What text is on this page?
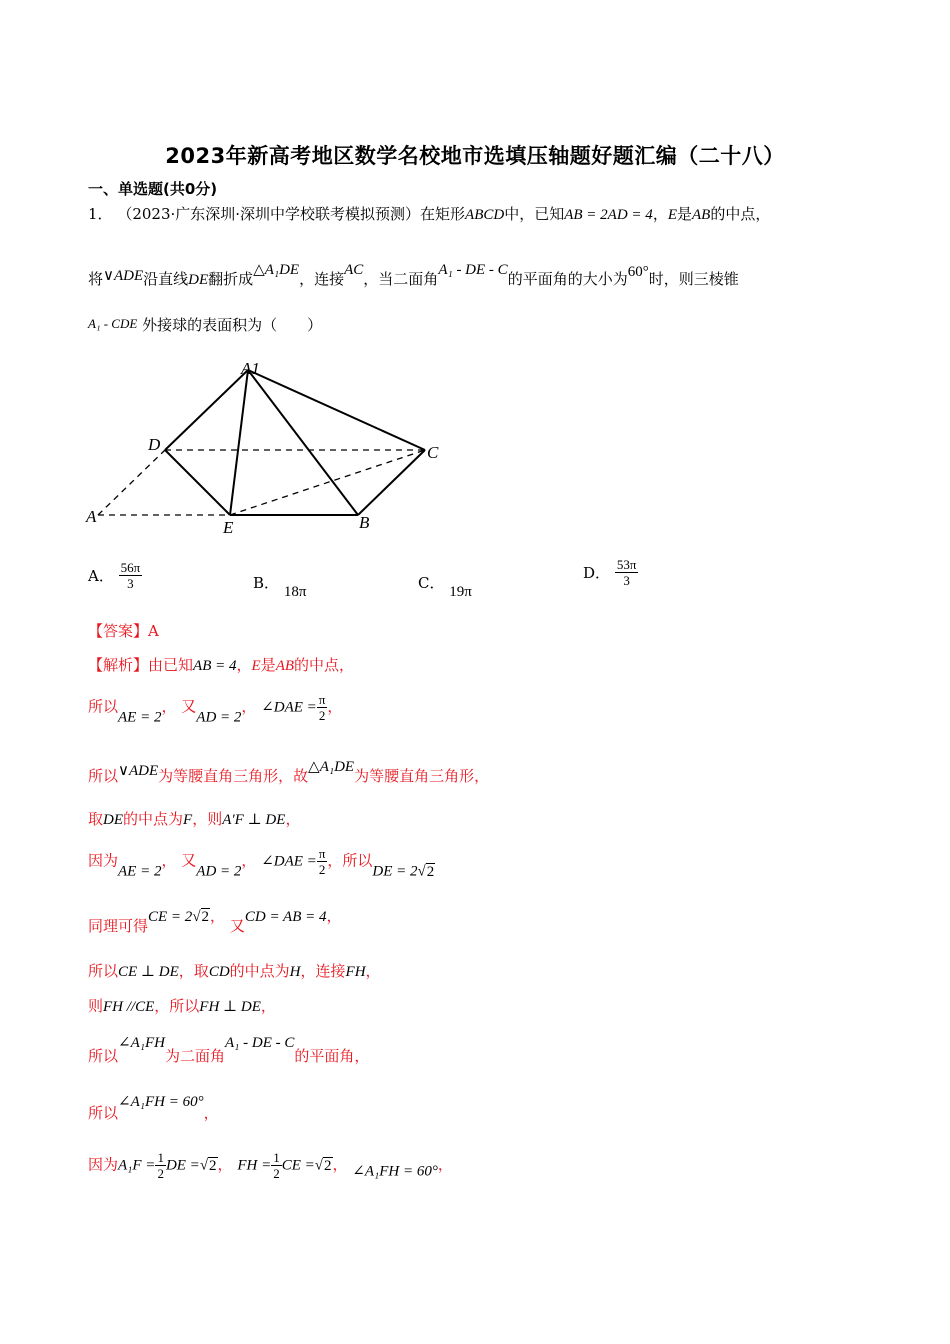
2023年新高考地区数学名校地市选填压轴题好题汇编（二十八）
一、单选题(共0分)
1． （2023·广东深圳·深圳中学校联考模拟预测）在矩形ABCD中，已知AB = 2AD = 4，E是AB的中点，
将∨ADE沿直线DE翻折成△A₁DE，连接AC，当二面角A₁ - DE - C的平面角的大小为60°时，则三棱锥
A₁ - CDE 外接球的表面积为（　　）
A1
D	C
A
E	B
A． $\frac{56\pi}{3}$	B． 18π	C． 19π
D． $\frac{53\pi}{3}$
【答案】A
【解析】由已知AB = 4，E是AB的中点，
所以AE = 2， 又AD = 2， ∠DAE = $\frac{\pi}{2}$ ，
所以∨ADE为等腰直角三角形，故△A₁DE为等腰直角三角形，
取DE的中点为F，则A′F ⊥ DE，
因为AE = 2， 又AD = 2， ∠DAE = $\frac{\pi}{2}$ ，所以DE = 2√2
同理可得CE = 2√2， 又CD = AB = 4，
所以CE ⊥ DE，取CD的中点为H，连接FH，
则FH //CE，所以FH ⊥ DE，
所以∠A₁FH为二面角A₁ - DE - C的平面角，
所以∠A₁FH = 60°，
因为$A_1F = \frac{1}{2}$ DE =√2， FH = $\frac{1}{2}$ CE =√2， ∠A₁FH = 60°，
